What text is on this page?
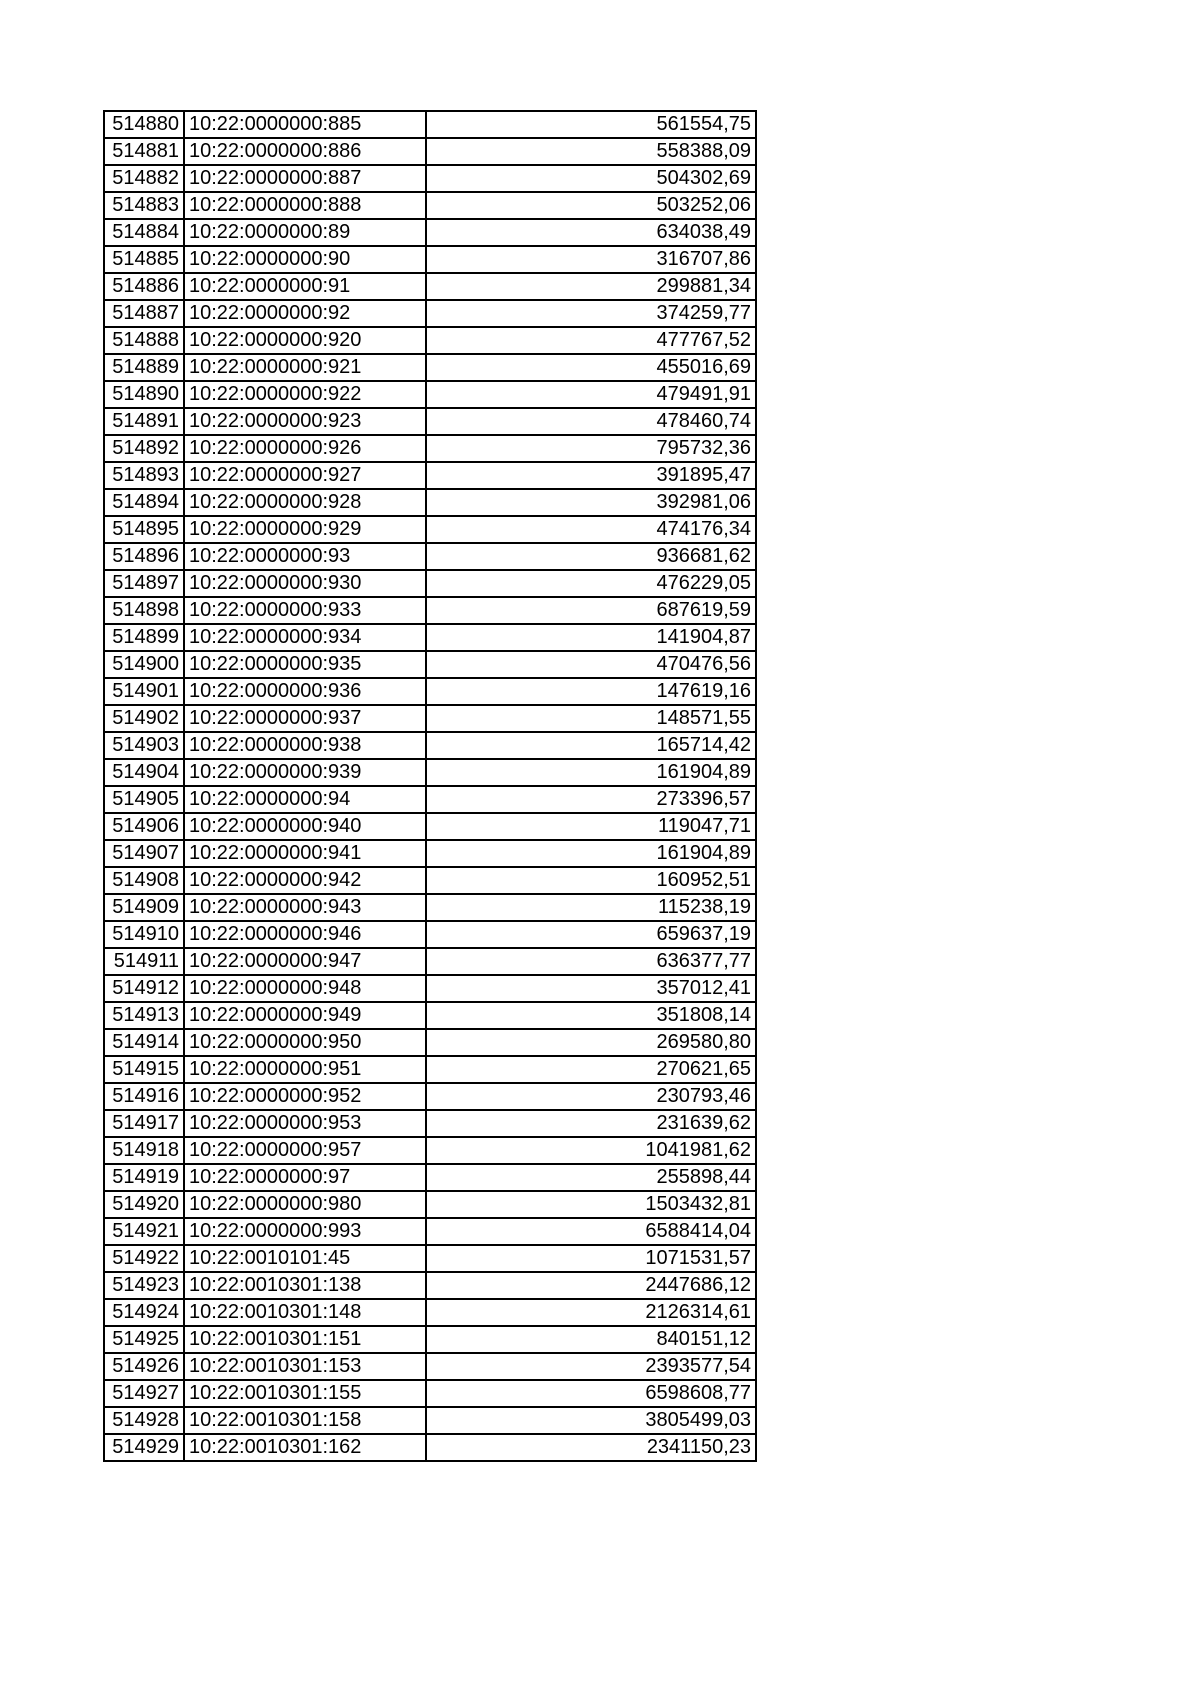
514880	10:22:0000000:885	561554,75
514881	10:22:0000000:886	558388,09
514882	10:22:0000000:887	504302,69
514883	10:22:0000000:888	503252,06
514884	10:22:0000000:89	634038,49
514885	10:22:0000000:90	316707,86
514886	10:22:0000000:91	299881,34
514887	10:22:0000000:92	374259,77
514888	10:22:0000000:920	477767,52
514889	10:22:0000000:921	455016,69
514890	10:22:0000000:922	479491,91
514891	10:22:0000000:923	478460,74
514892	10:22:0000000:926	795732,36
514893	10:22:0000000:927	391895,47
514894	10:22:0000000:928	392981,06
514895	10:22:0000000:929	474176,34
514896	10:22:0000000:93	936681,62
514897	10:22:0000000:930	476229,05
514898	10:22:0000000:933	687619,59
514899	10:22:0000000:934	141904,87
514900	10:22:0000000:935	470476,56
514901	10:22:0000000:936	147619,16
514902	10:22:0000000:937	148571,55
514903	10:22:0000000:938	165714,42
514904	10:22:0000000:939	161904,89
514905	10:22:0000000:94	273396,57
514906	10:22:0000000:940	119047,71
514907	10:22:0000000:941	161904,89
514908	10:22:0000000:942	160952,51
514909	10:22:0000000:943	115238,19
514910	10:22:0000000:946	659637,19
514911	10:22:0000000:947	636377,77
514912	10:22:0000000:948	357012,41
514913	10:22:0000000:949	351808,14
514914	10:22:0000000:950	269580,80
514915	10:22:0000000:951	270621,65
514916	10:22:0000000:952	230793,46
514917	10:22:0000000:953	231639,62
514918	10:22:0000000:957	1041981,62
514919	10:22:0000000:97	255898,44
514920	10:22:0000000:980	1503432,81
514921	10:22:0000000:993	6588414,04
514922	10:22:0010101:45	1071531,57
514923	10:22:0010301:138	2447686,12
514924	10:22:0010301:148	2126314,61
514925	10:22:0010301:151	840151,12
514926	10:22:0010301:153	2393577,54
514927	10:22:0010301:155	6598608,77
514928	10:22:0010301:158	3805499,03
514929	10:22:0010301:162	2341150,23
